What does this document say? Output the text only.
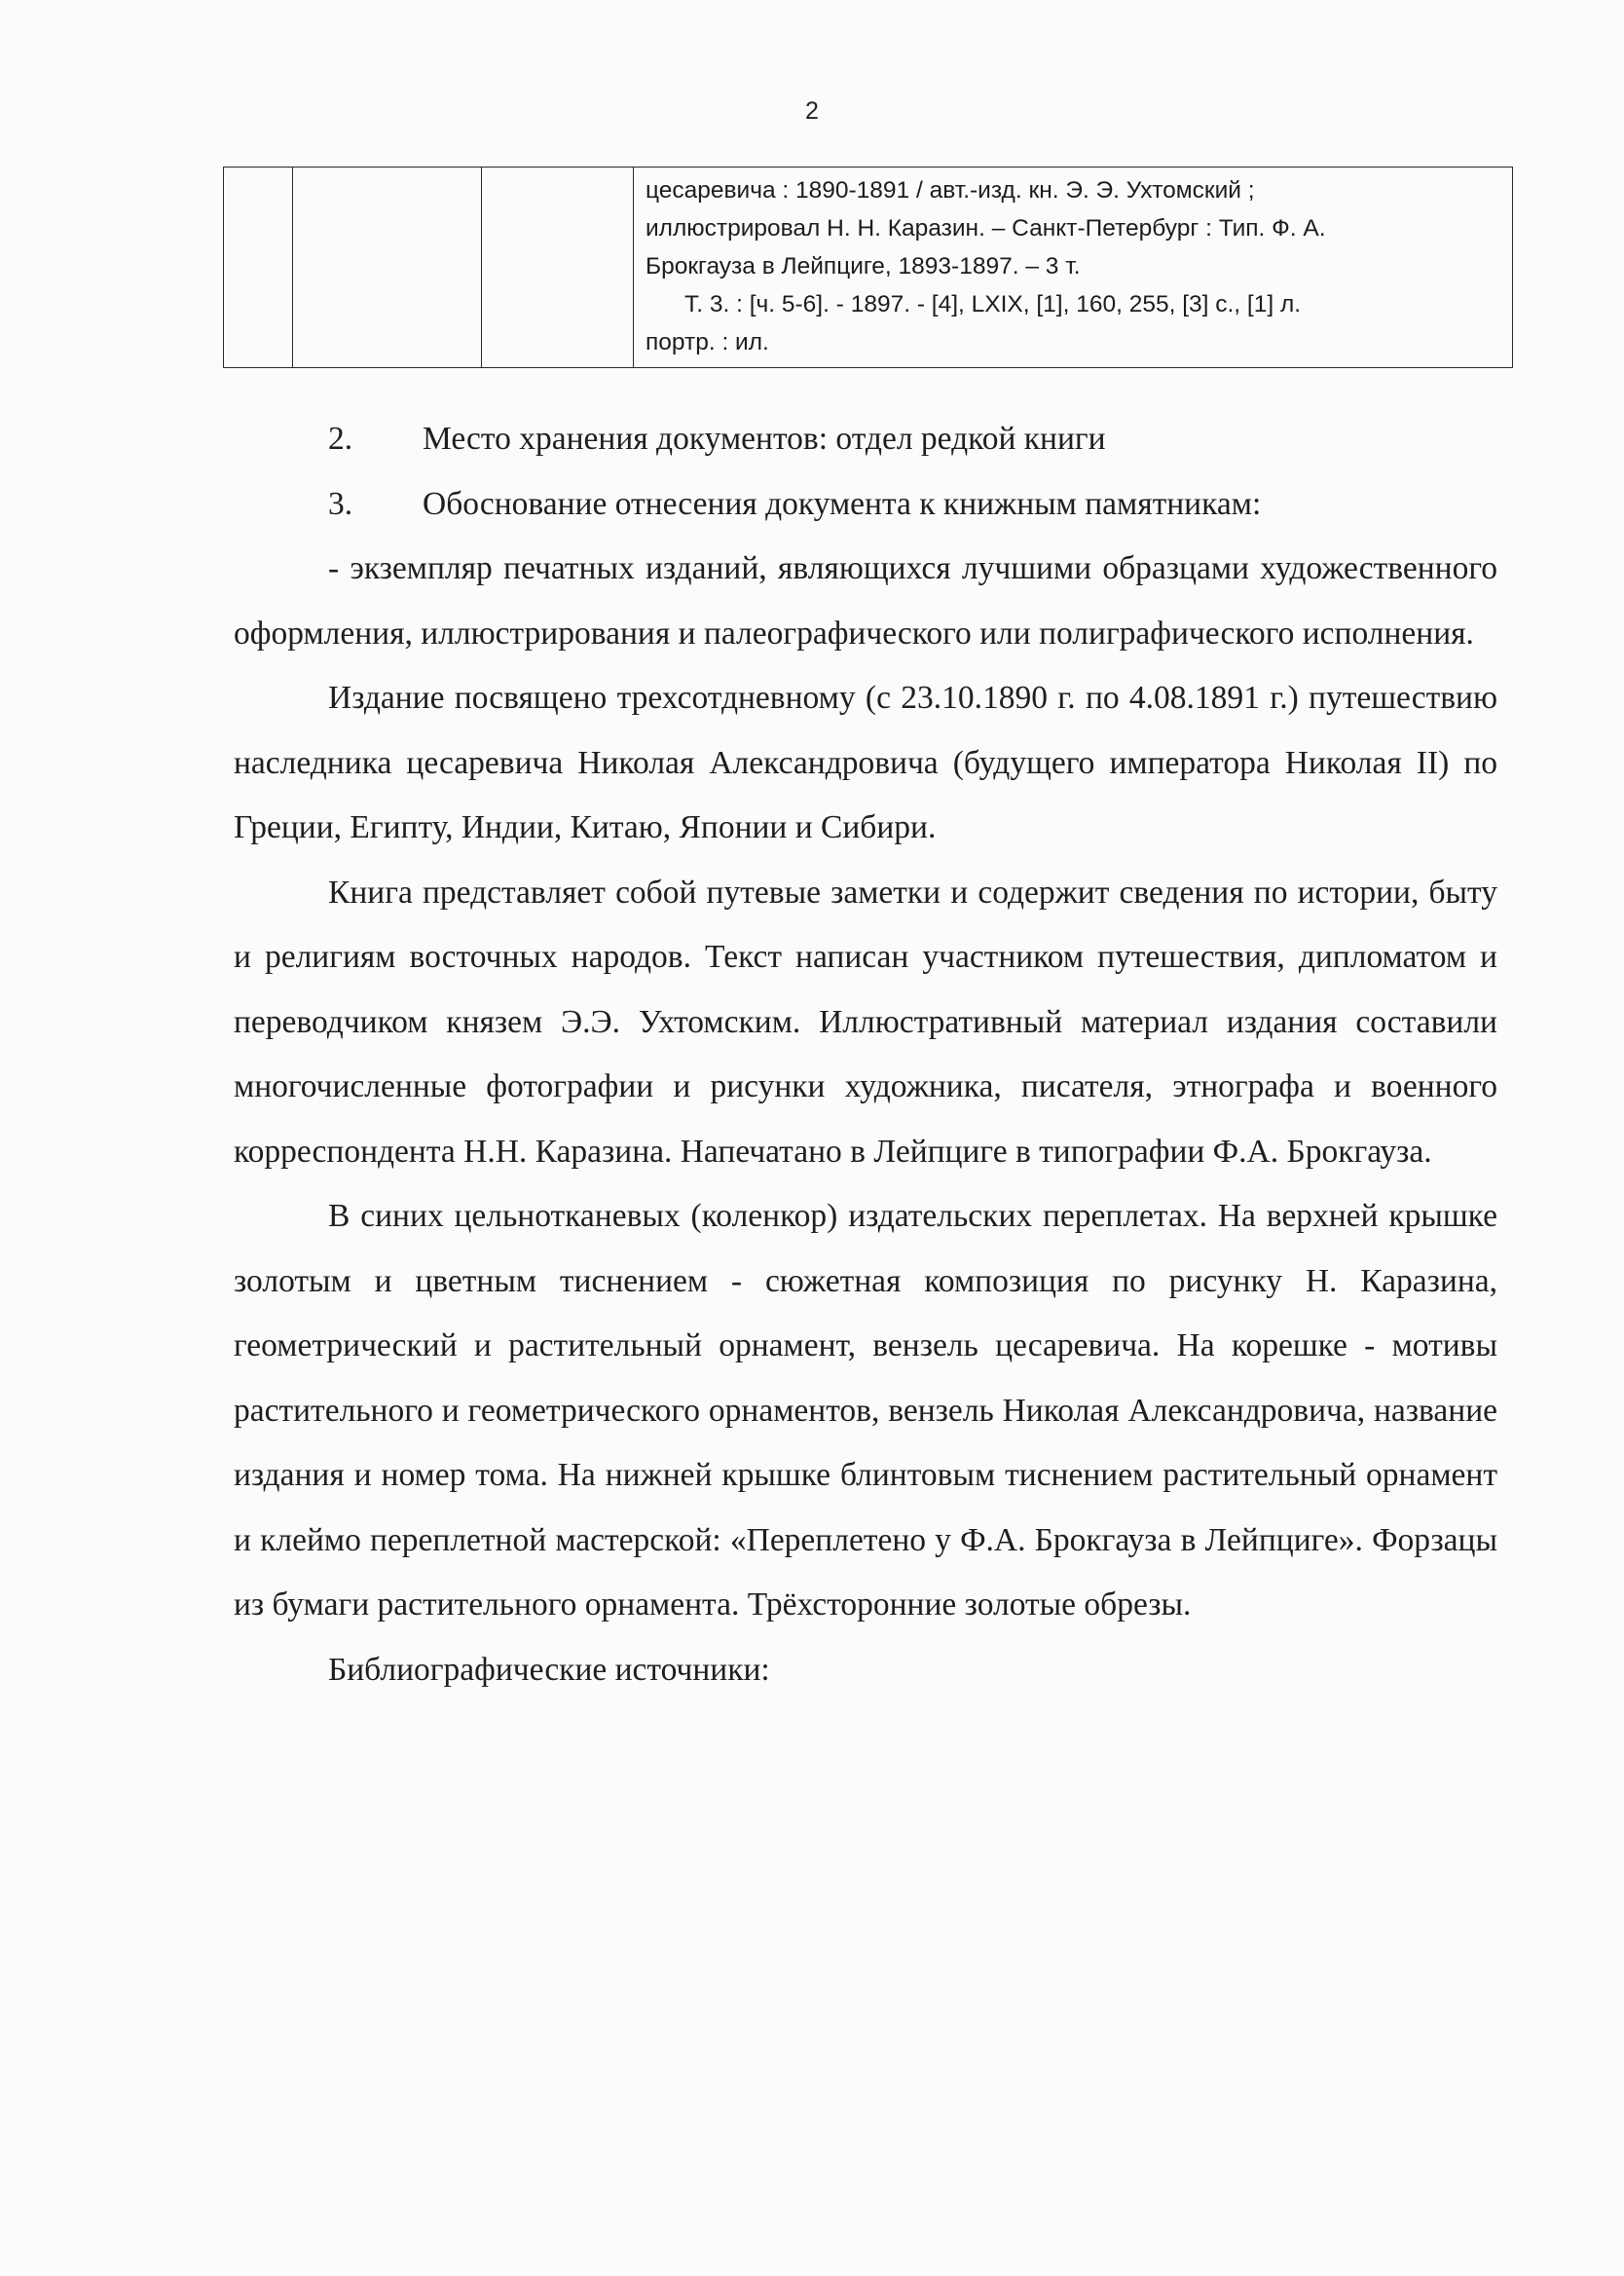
2

цесаревича : 1890-1891 / авт.-изд. кн. Э. Э. Ухтомский ;
иллюстрировал Н. Н. Каразин. – Санкт-Петербург : Тип. Ф. А.
Брокгауза в Лейпциге, 1893-1897. – 3 т.
Т. 3. : [ч. 5-6]. - 1897. - [4], LXIX, [1], 160, 255, [3] с., [1] л.
портр. : ил.

2.	Место хранения документов: отдел редкой книги

3.	Обоснование отнесения документа к книжным памятникам:

- экземпляр печатных изданий, являющихся лучшими образцами художественного оформления, иллюстрирования и палеографического или полиграфического исполнения.

Издание посвящено трехсотдневному (с 23.10.1890 г. по 4.08.1891 г.) путешествию наследника цесаревича Николая Александровича (будущего императора Николая II) по Греции, Египту, Индии, Китаю, Японии и Сибири.

Книга представляет собой путевые заметки и содержит сведения по истории, быту и религиям восточных народов. Текст написан участником путешествия, дипломатом и переводчиком князем Э.Э. Ухтомским. Иллюстративный материал издания составили многочисленные фотографии и рисунки художника, писателя, этнографа и военного корреспондента Н.Н. Каразина. Напечатано в Лейпциге в типографии Ф.А. Брокгауза.

В синих цельнотканевых (коленкор) издательских переплетах. На верхней крышке золотым и цветным тиснением - сюжетная композиция по рисунку Н. Каразина, геометрический и растительный орнамент, вензель цесаревича. На корешке - мотивы растительного и геометрического орнаментов, вензель Николая Александровича, название издания и номер тома. На нижней крышке блинтовым тиснением растительный орнамент и клеймо переплетной мастерской: «Переплетено у Ф.А. Брокгауза в Лейпциге». Форзацы из бумаги растительного орнамента. Трёхсторонние золотые обрезы.

Библиографические источники:
